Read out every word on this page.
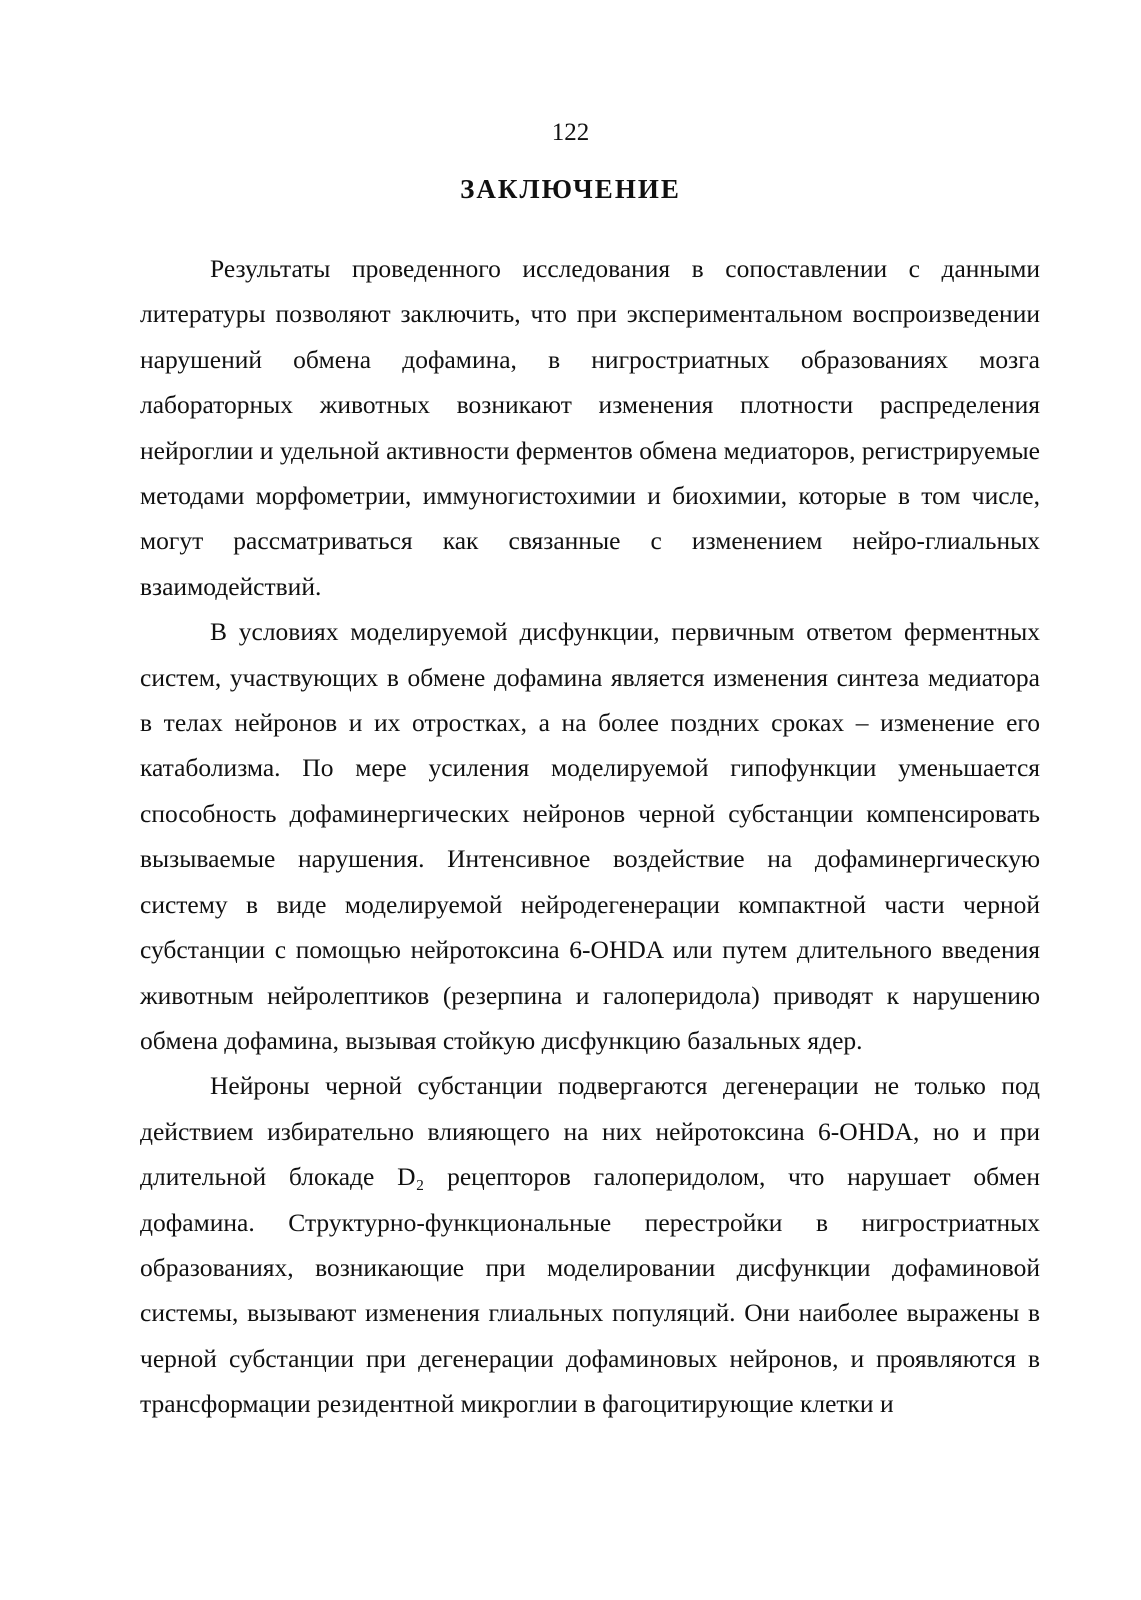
122
ЗАКЛЮЧЕНИЕ

Результаты проведенного исследования в сопоставлении с данными литературы позволяют заключить, что при экспериментальном воспроизведении нарушений обмена дофамина, в нигростриатных образованиях мозга лабораторных животных возникают изменения плотности распределения нейроглии и удельной активности ферментов обмена медиаторов, регистрируемые методами морфометрии, иммуногистохимии и биохимии, которые в том числе, могут рассматриваться как связанные с изменением нейро-глиальных взаимодействий.

В условиях моделируемой дисфункции, первичным ответом ферментных систем, участвующих в обмене дофамина является изменения синтеза медиатора в телах нейронов и их отростках, а на более поздних сроках – изменение его катаболизма. По мере усиления моделируемой гипофункции уменьшается способность дофаминергических нейронов черной субстанции компенсировать вызываемые нарушения. Интенсивное воздействие на дофаминергическую систему в виде моделируемой нейродегенерации компактной части черной субстанции с помощью нейротоксина 6-OHDA или путем длительного введения животным нейролептиков (резерпина и галоперидола) приводят к нарушению обмена дофамина, вызывая стойкую дисфункцию базальных ядер.

Нейроны черной субстанции подвергаются дегенерации не только под действием избирательно влияющего на них нейротоксина 6-OHDA, но и при длительной блокаде D₂ рецепторов галоперидолом, что нарушает обмен дофамина. Структурно-функциональные перестройки в нигростриатных образованиях, возникающие при моделировании дисфункции дофаминовой системы, вызывают изменения глиальных популяций. Они наиболее выражены в черной субстанции при дегенерации дофаминовых нейронов, и проявляются в трансформации резидентной микроглии в фагоцитирующие клетки и
